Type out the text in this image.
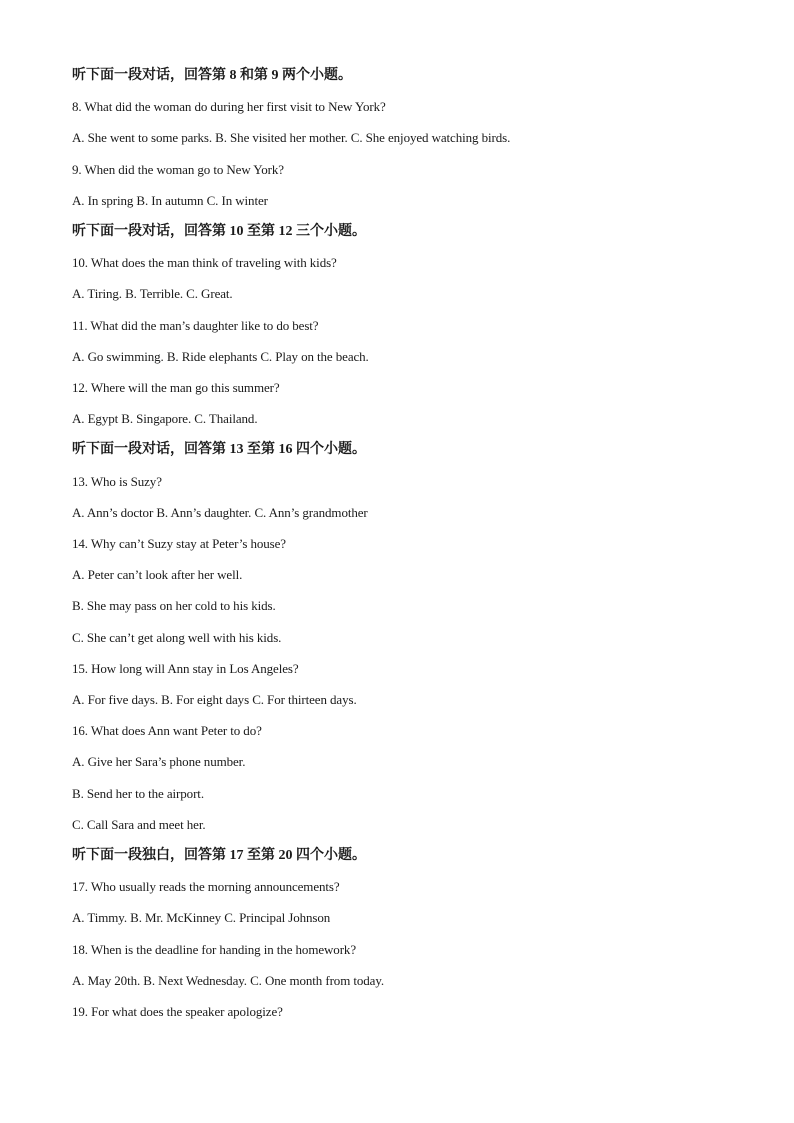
听下面一段对话，回答第 8 和第 9 两个小题。
8. What did the woman do during her first visit to New York?
A. She went to some parks. B. She visited her mother. C. She enjoyed watching birds.
9. When did the woman go to New York?
A. In spring B. In autumn C. In winter
听下面一段对话，回答第 10 至第 12 三个小题。
10. What does the man think of traveling with kids?
A. Tiring. B. Terrible. C. Great.
11. What did the man’s daughter like to do best?
A. Go swimming. B. Ride elephants C. Play on the beach.
12. Where will the man go this summer?
A. Egypt B. Singapore. C. Thailand.
听下面一段对话，回答第 13 至第 16 四个小题。
13. Who is Suzy?
A. Ann’s doctor B. Ann’s daughter. C. Ann’s grandmother
14. Why can’t Suzy stay at Peter’s house?
A. Peter can’t look after her well.
B. She may pass on her cold to his kids.
C. She can’t get along well with his kids.
15. How long will Ann stay in Los Angeles?
A. For five days. B. For eight days C. For thirteen days.
16. What does Ann want Peter to do?
A. Give her Sara’s phone number.
B. Send her to the airport.
C. Call Sara and meet her.
听下面一段独白，回答第 17 至第 20 四个小题。
17. Who usually reads the morning announcements?
A. Timmy. B. Mr. McKinney C. Principal Johnson
18. When is the deadline for handing in the homework?
A. May 20th. B. Next Wednesday. C. One month from today.
19. For what does the speaker apologize?
